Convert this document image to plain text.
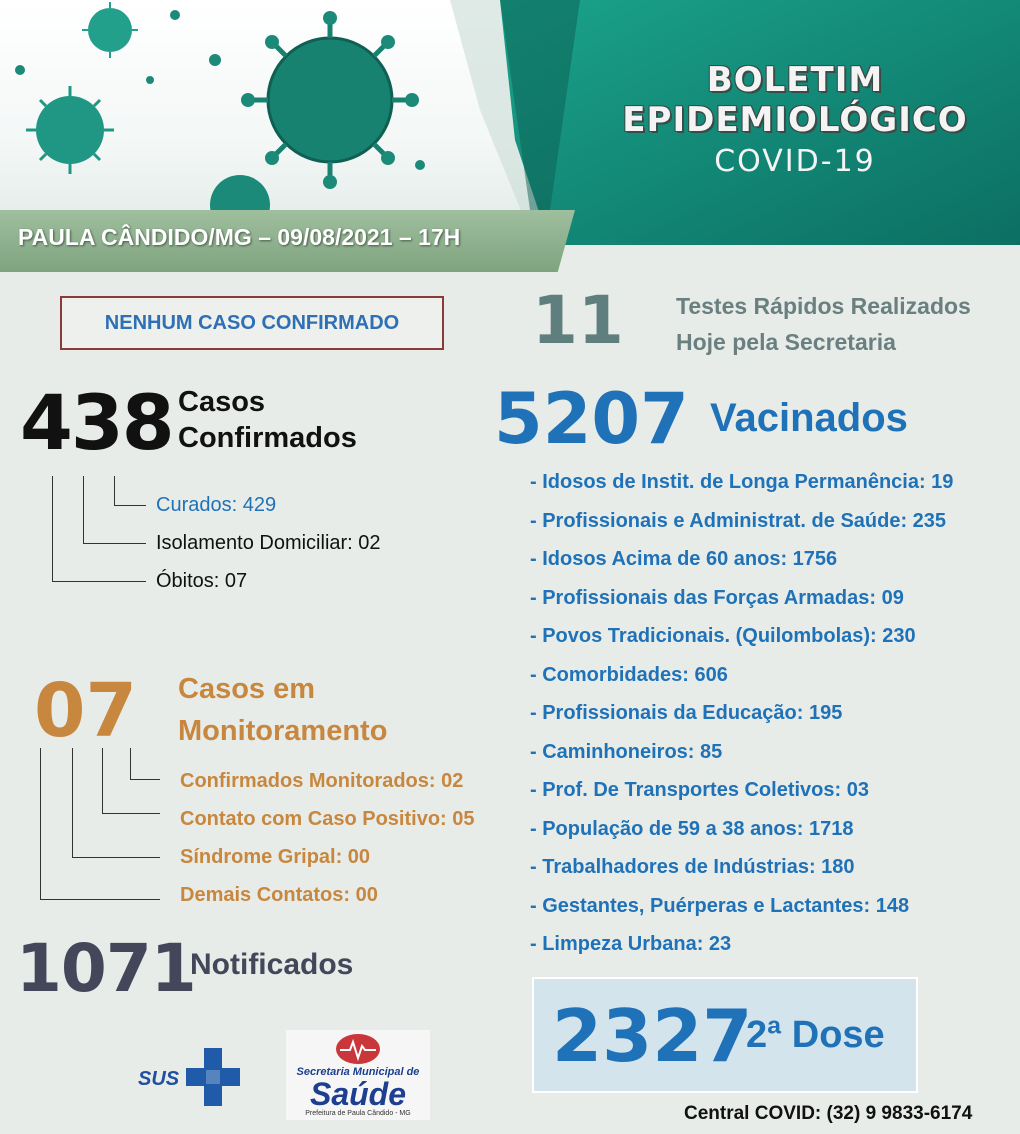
BOLETIM
EPIDEMIOLÓGICO
COVID-19
PAULA CÂNDIDO/MG – 09/08/2021 – 17H
NENHUM CASO CONFIRMADO
438 Casos
Confirmados
Curados: 429
Isolamento Domiciliar: 02
Óbitos: 07
07 Casos em
Monitoramento
Confirmados Monitorados: 02
Contato com Caso Positivo: 05
Síndrome Gripal: 00
Demais Contatos: 00
1071
Notificados
11 Testes Rápidos Realizados
Hoje pela Secretaria
5207 Vacinados
- Idosos de Instit. de Longa Permanência: 19
- Profissionais e Administrat. de Saúde: 235
- Idosos Acima de 60 anos: 1756
- Profissionais das Forças Armadas: 09
- Povos Tradicionais. (Quilombolas): 230
- Comorbidades: 606
- Profissionais da Educação: 195
- Caminhoneiros: 85
- Prof. De Transportes Coletivos: 03
- População de 59 a 38 anos: 1718
- Trabalhadores de Indústrias: 180
- Gestantes, Puérperas e Lactantes: 148
- Limpeza Urbana: 23
2327
2ª Dose
SUS	Secretaria Municipal de
Saúde
Prefeitura de Paula Cândido - MG	Central COVID: (32) 9 9833-6174
